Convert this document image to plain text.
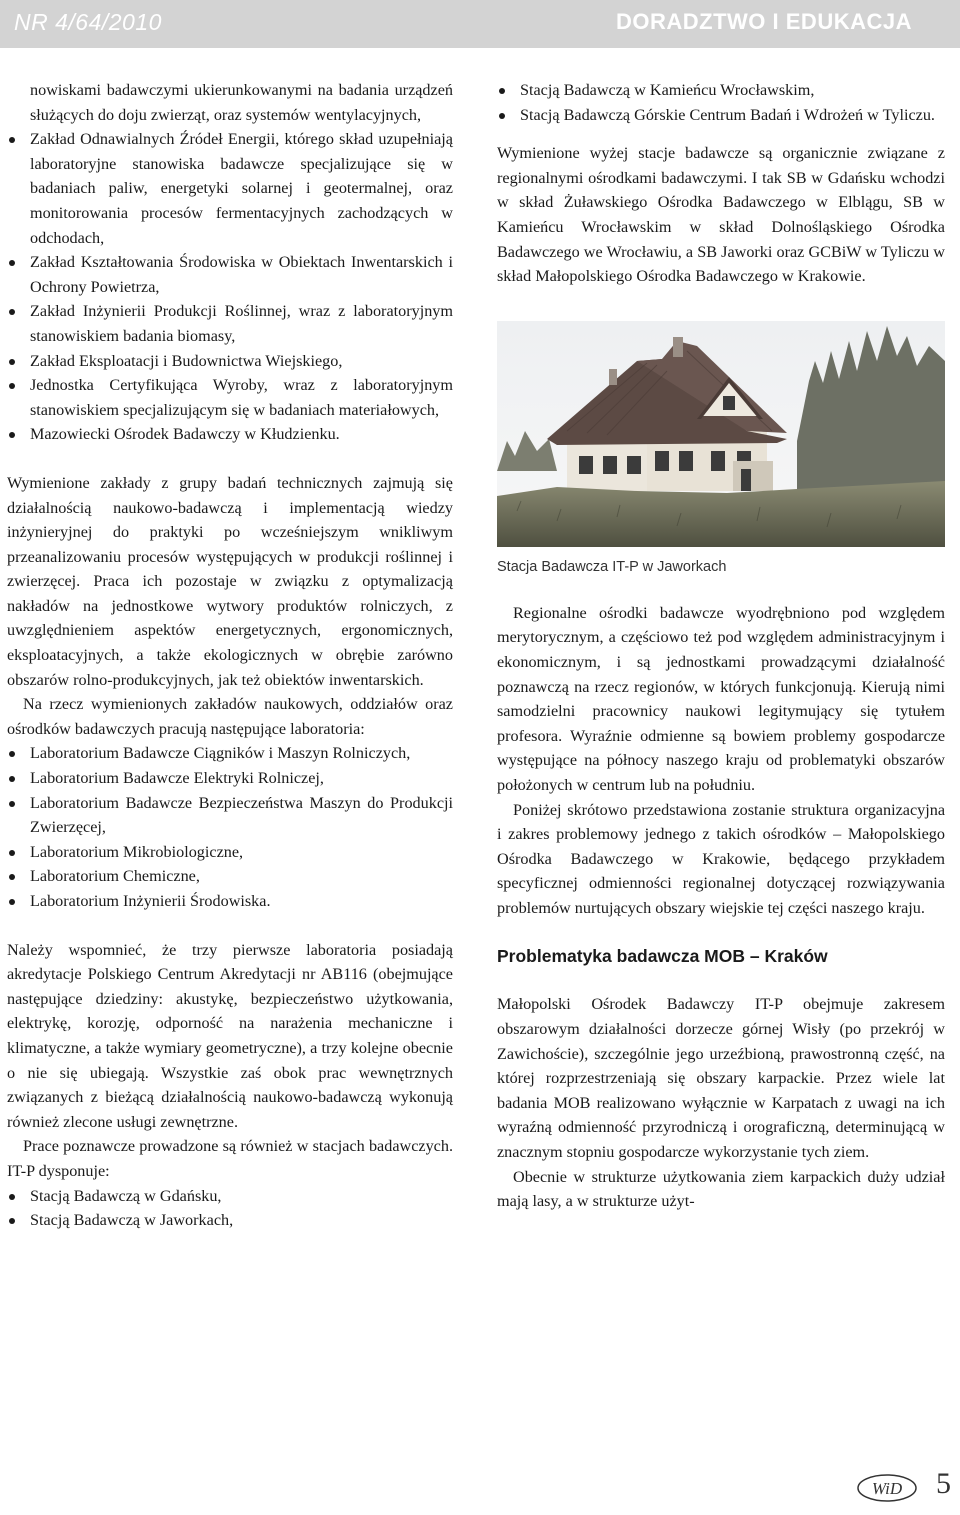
NR 4/64/2010	DORADZTWO I EDUKACJA
nowiskami badawczymi ukierunkowanymi na badania urządzeń służących do doju zwierząt, oraz systemów wentylacyjnych,
Zakład Odnawialnych Źródeł Energii, którego skład uzupełniają laboratoryjne stanowiska badawcze specjalizujące się w badaniach paliw, energetyki solarnej i geotermalnej, oraz monitorowania procesów fermentacyjnych zachodzących w odchodach,
Zakład Kształtowania Środowiska w Obiektach Inwentarskich i Ochrony Powietrza,
Zakład Inżynierii Produkcji Roślinnej, wraz z laboratoryjnym stanowiskiem badania biomasy,
Zakład Eksploatacji i Budownictwa Wiejskiego,
Jednostka Certyfikująca Wyroby, wraz z laboratoryjnym stanowiskiem specjalizującym się w badaniach materiałowych,
Mazowiecki Ośrodek Badawczy w Kłudzienku.

Wymienione zakłady z grupy badań technicznych zajmują się działalnością naukowo-badawczą i implementacją wiedzy inżynieryjnej do praktyki po wcześniejszym wnikliwym przeanalizowaniu procesów występujących w produkcji roślinnej i zwierzęcej. Praca ich pozostaje w związku z optymalizacją nakładów na jednostkowe wytwory produktów rolniczych, z uwzględnieniem aspektów energetycznych, ergonomicznych, eksploatacyjnych, a także ekologicznych w obrębie zarówno obszarów rolno-produkcyjnych, jak też obiektów inwentarskich.

Na rzecz wymienionych zakładów naukowych, oddziałów oraz ośrodków badawczych pracują następujące laboratoria:

Laboratorium Badawcze Ciągników i Maszyn Rolniczych,
Laboratorium Badawcze Elektryki Rolniczej,
Laboratorium Badawcze Bezpieczeństwa Maszyn do Produkcji Zwierzęcej,
Laboratorium Mikrobiologiczne,
Laboratorium Chemiczne,
Laboratorium Inżynierii Środowiska.

Należy wspomnieć, że trzy pierwsze laboratoria posiadają akredytacje Polskiego Centrum Akredytacji nr AB116 (obejmujące następujące dziedziny: akustykę, bezpieczeństwo użytkowania, elektrykę, korozję, odporność na narażenia mechaniczne i klimatyczne, a także wymiary geometryczne), a trzy kolejne obecnie o nie się ubiegają. Wszystkie zaś obok prac wewnętrznych związanych z bieżącą działalnością naukowo-badawczą wykonują również zlecone usługi zewnętrzne.

Prace poznawcze prowadzone są również w stacjach badawczych. IT-P dysponuje:

Stacją Badawczą w Gdańsku,
Stacją Badawczą w Jaworkach,
Stacją Badawczą w Kamieńcu Wrocławskim,
Stacją Badawczą Górskie Centrum Badań i Wdrożeń w Tyliczu.

Wymienione wyżej stacje badawcze są organicznie związane z regionalnymi ośrodkami badawczymi. I tak SB w Gdańsku wchodzi w skład Żuławskiego Ośrodka Badawczego w Elblągu, SB w Kamieńcu Wrocławskim w skład Dolnośląskiego Ośrodka Badawczego we Wrocławiu, a SB Jaworki oraz GCBiW w Tyliczu w skład Małopolskiego Ośrodka Badawczego w Krakowie.

Stacja Badawcza IT-P w Jaworkach

Regionalne ośrodki badawcze wyodrębniono pod względem merytorycznym, a częściowo też pod względem administracyjnym i ekonomicznym, i są jednostkami prowadzącymi działalność poznawczą na rzecz regionów, w których funkcjonują. Kierują nimi samodzielni pracownicy naukowi legitymujący się tytułem profesora. Wyraźnie odmienne są bowiem problemy gospodarcze występujące na północy naszego kraju od problematyki obszarów położonych w centrum lub na południu.

Poniżej skrótowo przedstawiona zostanie struktura organizacyjna i zakres problemowy jednego z takich ośrodków – Małopolskiego Ośrodka Badawczego w Krakowie, będącego przykładem specyficznej odmienności regionalnej dotyczącej rozwiązywania problemów nurtujących obszary wiejskie tej części naszego kraju.

Problematyka badawcza MOB – Kraków

Małopolski Ośrodek Badawczy IT-P obejmuje zakresem obszarowym działalności dorzecze górnej Wisły (po przekrój w Zawichoście), szczególnie jego urzeźbioną, prawostronną część, na której rozprzestrzeniają się obszary karpackie. Przez wiele lat badania MOB realizowano wyłącznie w Karpatach z uwagi na ich wyraźną odmienność przyrodniczą i orograficzną, determinującą w znacznym stopniu gospodarcze wykorzystanie tych ziem.

Obecnie w strukturze użytkowania ziem karpackich duży udział mają lasy, a w strukturze użyt-

WiD 5
